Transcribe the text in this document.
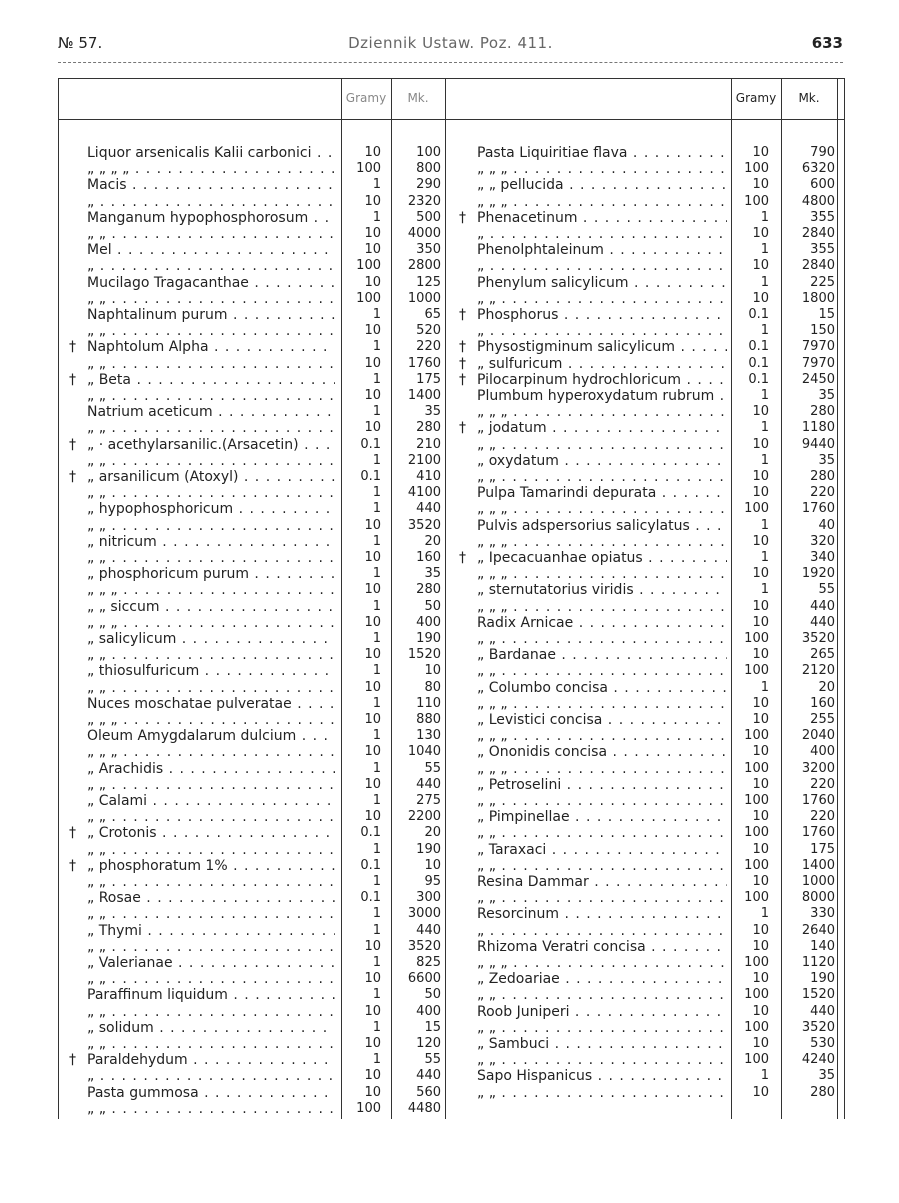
№ 57.	Dziennik Ustaw. Poz. 411.	633
Gramy	Mk.	Gramy	Mk.
Liquor arsenicalis Kalii carbonici . . .	10	100
„ „ „ „ . . .	100	800
Macis . . .	1	290
„ . . .	10	2320
Manganum hypophosphorosum . . .	1	500
„ „ . . .	10	4000
Mel . . .	10	350
„ . . .	100	2800
Mucilago Tragacanthae . . .	10	125
„ „ . . .	100	1000
Naphtalinum purum . . .	1	65
„ „ . . .	10	520
† Naphtolum Alpha . . .	1	220
„ „ . . .	10	1760
† „ Beta . . .	1	175
„ „ . . .	10	1400
Natrium aceticum . . .	1	35
„ „ . . .	10	280
† „ · acethylarsanilic.(Arsacetin) . . .	0.1	210
„ „ . . .	1	2100
† „ arsanilicum (Atoxyl) . . .	0.1	410
„ „ . . .	1	4100
„ hypophosphoricum . . .	1	440
„ „ . . .	10	3520
„ nitricum . . .	1	20
„ „ . . .	10	160
„ phosphoricum purum . . .	1	35
„ „ „ . . .	10	280
„ „ siccum . . .	1	50
„ „ „ . . .	10	400
„ salicylicum . . .	1	190
„ „ . . .	10	1520
„ thiosulfuricum . . .	1	10
„ „ . . .	10	80
Nuces moschatae pulveratae . . .	1	110
„ „ „ . . .	10	880
Oleum Amygdalarum dulcium . . .	1	130
„ „ „ . . .	10	1040
„ Arachidis . . .	1	55
„ „ . . .	10	440
„ Calami . . .	1	275
„ „ . . .	10	2200
† „ Crotonis . . .	0.1	20
„ „ . . .	1	190
† „ phosphoratum 1% . . .	0.1	10
„ „ . . .	1	95
„ Rosae . . .	0.1	300
„ „ . . .	1	3000
„ Thymi . . .	1	440
„ „ . . .	10	3520
„ Valerianae . . .	1	825
„ „ . . .	10	6600
Paraffinum liquidum . . .	1	50
„ „ . . .	10	400
„ solidum . . .	1	15
„ „ . . .	10	120
† Paraldehydum . . .	1	55
„ . . .	10	440
Pasta gummosa . . .	10	560
„ „ . . .	100	4480
Pasta Liquiritiae flava . . .	10	790
„ „ „ . . .	100	6320
„ „ pellucida . . .	10	600
„ „ „ . . .	100	4800
† Phenacetinum . . .	1	355
„ . . .	10	2840
Phenolphtaleinum . . .	1	355
„ . . .	10	2840
Phenylum salicylicum . . .	1	225
„ „ . . .	10	1800
† Phosphorus . . .	0.1	15
„ . . .	1	150
† Physostigminum salicylicum . . .	0.1	7970
† „ sulfuricum . . .	0.1	7970
† Pilocarpinum hydrochloricum . . .	0.1	2450
Plumbum hyperoxydatum rubrum . . .	1	35
„ „ „ . . .	10	280
† „ jodatum . . .	1	1180
„ „ . . .	10	9440
„ oxydatum . . .	1	35
„ „ . . .	10	280
Pulpa Tamarindi depurata . . .	10	220
„ „ „ . . .	100	1760
Pulvis adspersorius salicylatus . . .	1	40
„ „ „ . . .	10	320
† „ Ipecacuanhae opiatus . . .	1	340
„ „ „ . . .	10	1920
„ sternutatorius viridis . . .	1	55
„ „ „ . . .	10	440
Radix Arnicae . . .	10	440
„ „ . . .	100	3520
„ Bardanae . . .	10	265
„ „ . . .	100	2120
„ Columbo concisa . . .	1	20
„ „ „ . . .	10	160
„ Levistici concisa . . .	10	255
„ „ „ . . .	100	2040
„ Ononidis concisa . . .	10	400
„ „ „ . . .	100	3200
„ Petroselini . . .	10	220
„ „ . . .	100	1760
„ Pimpinellae . . .	10	220
„ „ . . .	100	1760
„ Taraxaci . . .	10	175
„ „ . . .	100	1400
Resina Dammar . . .	10	1000
„ „ . . .	100	8000
Resorcinum . . .	1	330
„ . . .	10	2640
Rhizoma Veratri concisa . . .	10	140
„ „ „ . . .	100	1120
„ Zedoariae . . .	10	190
„ „ . . .	100	1520
Roob Juniperi . . .	10	440
„ „ . . .	100	3520
„ Sambuci . . .	10	530
„ „ . . .	100	4240
Sapo Hispanicus . . .	1	35
„ „ . . .	10	280
